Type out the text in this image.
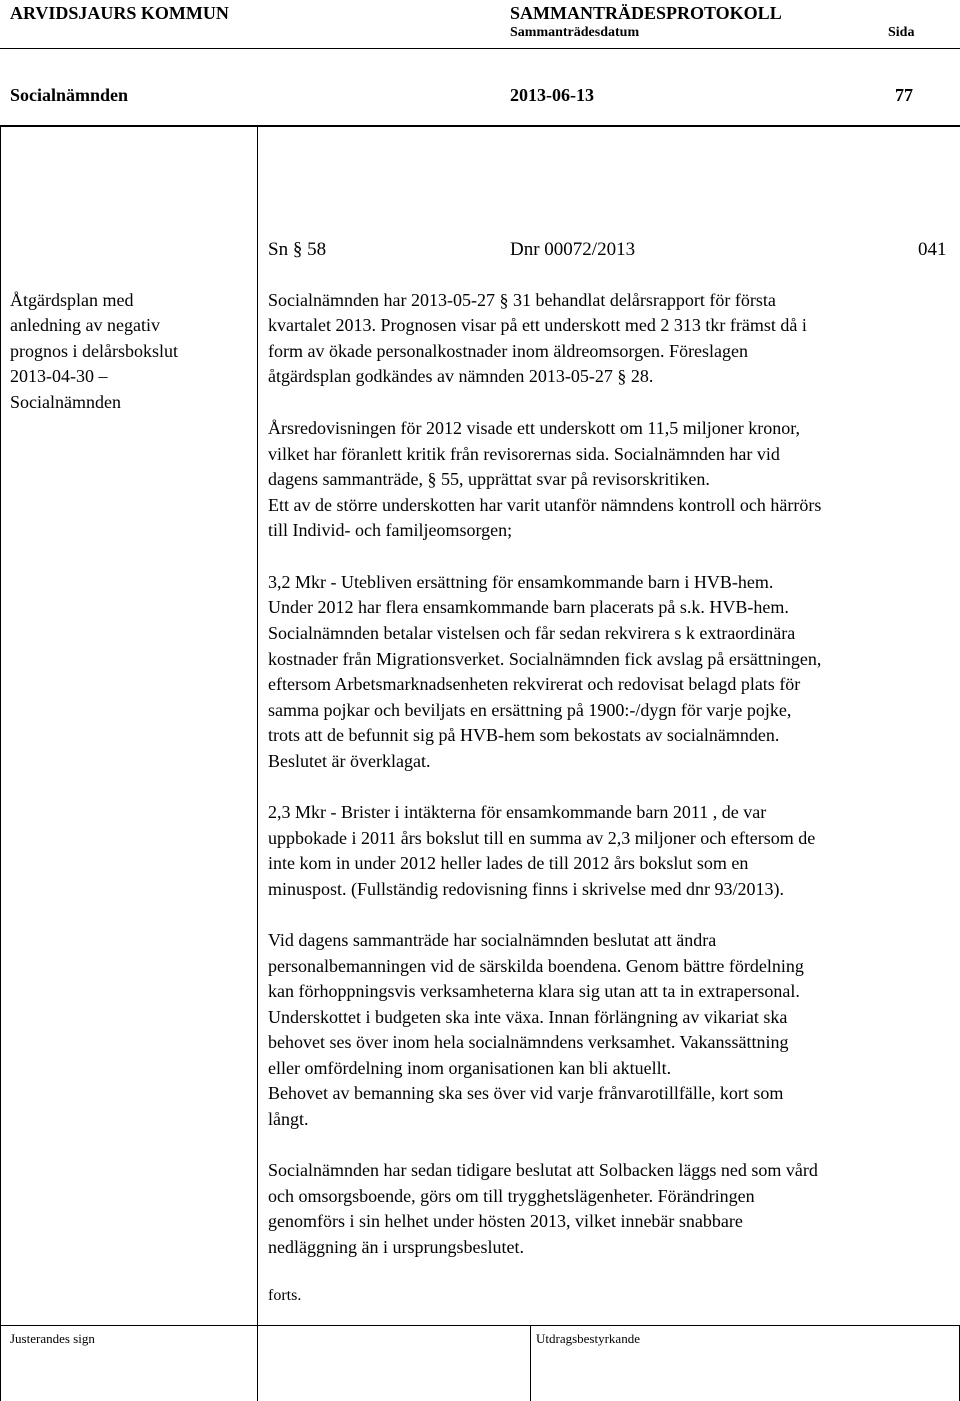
ARVIDSJAURS KOMMUN	SAMMANTRÄDESPROTOKOLL
Sammanträdesdatum	Sida
Socialnämnden	2013-06-13	77
Sn § 58	Dnr 00072/2013	041
Åtgärdsplan med
anledning av negativ
prognos i delårsbokslut
2013-04-30 –
Socialnämnden
Socialnämnden har 2013-05-27 § 31 behandlat delårsrapport för första
kvartalet 2013. Prognosen visar på ett underskott med 2 313 tkr främst då i
form av ökade personalkostnader inom äldreomsorgen. Föreslagen
åtgärdsplan godkändes av nämnden 2013-05-27 § 28.
Årsredovisningen för 2012 visade ett underskott om 11,5 miljoner kronor,
vilket har föranlett kritik från revisorernas sida. Socialnämnden har vid
dagens sammanträde, § 55, upprättat svar på revisorskritiken.
Ett av de större underskotten har varit utanför nämndens kontroll och härrörs
till Individ- och familjeomsorgen;
3,2 Mkr - Utebliven ersättning för ensamkommande barn i HVB-hem.
Under 2012 har flera ensamkommande barn placerats på s.k. HVB-hem.
Socialnämnden betalar vistelsen och får sedan rekvirera s k extraordinära
kostnader från Migrationsverket. Socialnämnden fick avslag på ersättningen,
eftersom Arbetsmarknadsenheten rekvirerat och redovisat belagd plats för
samma pojkar och beviljats en ersättning på 1900:-/dygn för varje pojke,
trots att de befunnit sig på HVB-hem som bekostats av socialnämnden.
Beslutet är överklagat.
2,3 Mkr - Brister i intäkterna för ensamkommande barn 2011 , de var
uppbokade i 2011 års bokslut till en summa av 2,3 miljoner och eftersom de
inte kom in under 2012 heller lades de till 2012 års bokslut som en
minuspost. (Fullständig redovisning finns i skrivelse med dnr 93/2013).
Vid dagens sammanträde har socialnämnden beslutat att ändra
personalbemanningen vid de särskilda boendena. Genom bättre fördelning
kan förhoppningsvis verksamheterna klara sig utan att ta in extrapersonal.
Underskottet i budgeten ska inte växa. Innan förlängning av vikariat ska
behovet ses över inom hela socialnämndens verksamhet. Vakanssättning
eller omfördelning inom organisationen kan bli aktuellt.
Behovet av bemanning ska ses över vid varje frånvarotillfälle, kort som
långt.
Socialnämnden har sedan tidigare beslutat att Solbacken läggs ned som vård
och omsorgsboende, görs om till trygghetslägenheter. Förändringen
genomförs i sin helhet under hösten 2013, vilket innebär snabbare
nedläggning än i ursprungsbeslutet.
forts.
Justerandes sign	Utdragsbestyrkande
